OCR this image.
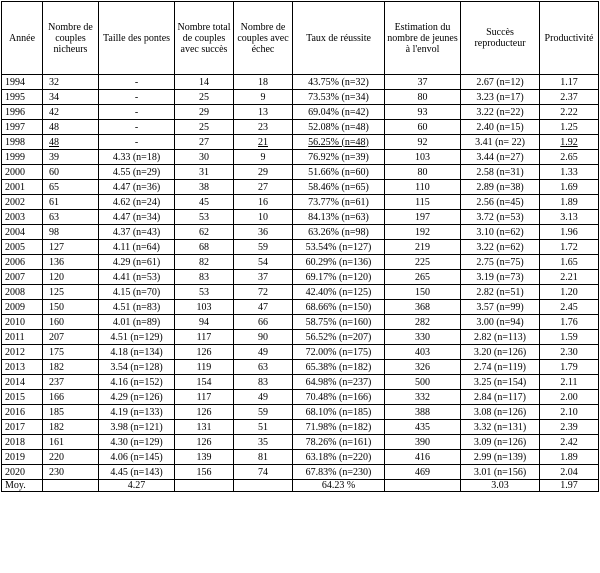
Année	Nombre de couples nicheurs	Taille des pontes	Nombre total de couples avec succès	Nombre de couples avec échec	Taux de réussite	Estimation du nombre de jeunes à l'envol	Succès reproducteur	Productivité
1994	32	-	14	18	43.75% (n=32)	37	2.67 (n=12)	1.17
1995	34	-	25	9	73.53% (n=34)	80	3.23 (n=17)	2.37
1996	42	-	29	13	69.04% (n=42)	93	3.22 (n=22)	2.22
1997	48	-	25	23	52.08% (n=48)	60	2.40 (n=15)	1.25
1998	48	-	27	21	56.25% (n=48)	92	3.41 (n= 22)	1.92
1999	39	4.33 (n=18)	30	9	76.92% (n=39)	103	3.44 (n=27)	2.65
2000	60	4.55 (n=29)	31	29	51.66% (n=60)	80	2.58 (n=31)	1.33
2001	65	4.47 (n=36)	38	27	58.46% (n=65)	110	2.89 (n=38)	1.69
2002	61	4.62 (n=24)	45	16	73.77% (n=61)	115	2.56 (n=45)	1.89
2003	63	4.47 (n=34)	53	10	84.13% (n=63)	197	3.72 (n=53)	3.13
2004	98	4.37 (n=43)	62	36	63.26% (n=98)	192	3.10 (n=62)	1.96
2005	127	4.11 (n=64)	68	59	53.54% (n=127)	219	3.22 (n=62)	1.72
2006	136	4.29 (n=61)	82	54	60.29% (n=136)	225	2.75 (n=75)	1.65
2007	120	4.41 (n=53)	83	37	69.17% (n=120)	265	3.19 (n=73)	2.21
2008	125	4.15 (n=70)	53	72	42.40% (n=125)	150	2.82 (n=51)	1.20
2009	150	4.51 (n=83)	103	47	68.66% (n=150)	368	3.57 (n=99)	2.45
2010	160	4.01 (n=89)	94	66	58.75% (n=160)	282	3.00 (n=94)	1.76
2011	207	4.51 (n=129)	117	90	56.52% (n=207)	330	2.82 (n=113)	1.59
2012	175	4.18 (n=134)	126	49	72.00% (n=175)	403	3.20 (n=126)	2.30
2013	182	3.54 (n=128)	119	63	65.38% (n=182)	326	2.74 (n=119)	1.79
2014	237	4.16 (n=152)	154	83	64.98% (n=237)	500	3.25 (n=154)	2.11
2015	166	4.29 (n=126)	117	49	70.48% (n=166)	332	2.84 (n=117)	2.00
2016	185	4.19 (n=133)	126	59	68.10% (n=185)	388	3.08 (n=126)	2.10
2017	182	3.98 (n=121)	131	51	71.98% (n=182)	435	3.32 (n=131)	2.39
2018	161	4.30 (n=129)	126	35	78.26% (n=161)	390	3.09 (n=126)	2.42
2019	220	4.06 (n=145)	139	81	63.18% (n=220)	416	2.99 (n=139)	1.89
2020	230	4.45 (n=143)	156	74	67.83% (n=230)	469	3.01 (n=156)	2.04
Moy.		4.27			64.23 %		3.03	1.97
